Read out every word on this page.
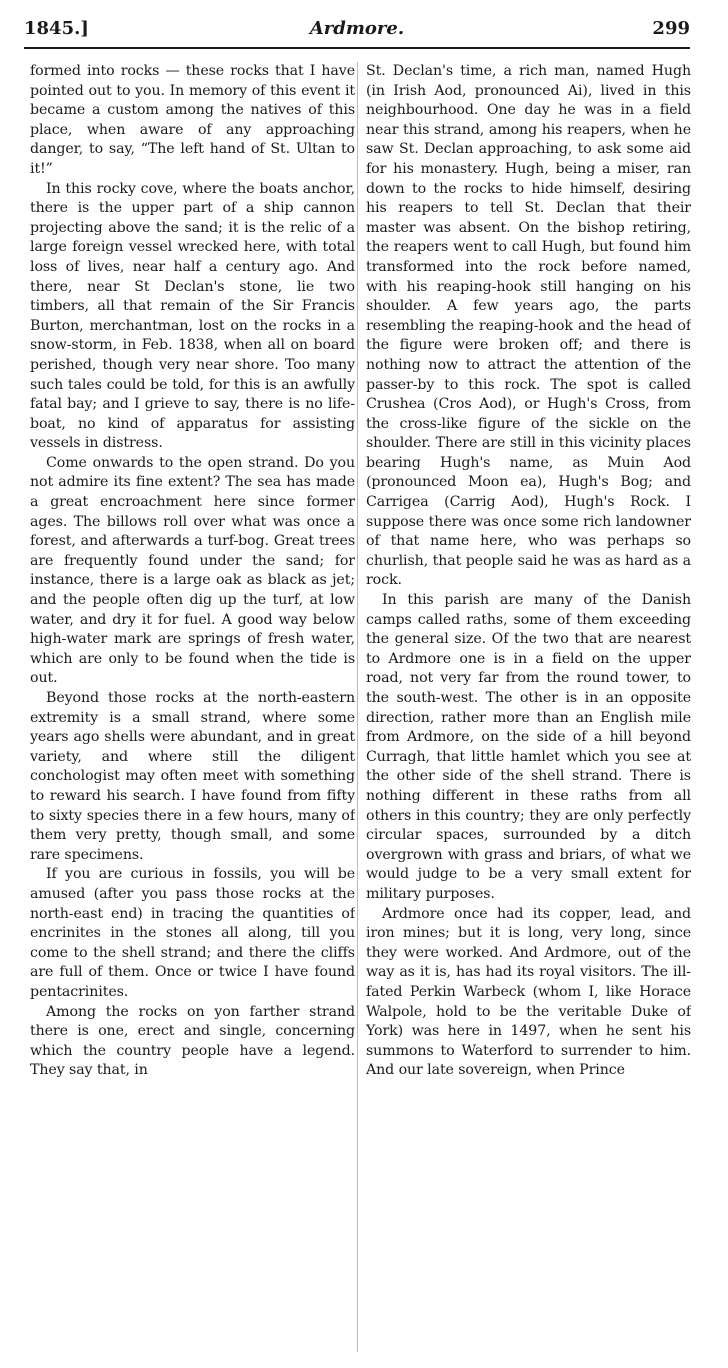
1845.]	Ardmore.	299

formed into rocks — these rocks that I have pointed out to you. In memory of this event it became a custom among the natives of this place, when aware of any approaching danger, to say, “The left hand of St. Ultan to it!”

In this rocky cove, where the boats anchor, there is the upper part of a ship cannon projecting above the sand; it is the relic of a large foreign vessel wrecked here, with total loss of lives, near half a century ago. And there, near St Declan's stone, lie two timbers, all that remain of the Sir Francis Burton, merchantman, lost on the rocks in a snow-storm, in Feb. 1838, when all on board perished, though very near shore. Too many such tales could be told, for this is an awfully fatal bay; and I grieve to say, there is no life-boat, no kind of apparatus for assisting vessels in distress.

Come onwards to the open strand. Do you not admire its fine extent? The sea has made a great encroachment here since former ages. The billows roll over what was once a forest, and afterwards a turf-bog. Great trees are frequently found under the sand; for instance, there is a large oak as black as jet; and the people often dig up the turf, at low water, and dry it for fuel. A good way below high-water mark are springs of fresh water, which are only to be found when the tide is out.

Beyond those rocks at the north-eastern extremity is a small strand, where some years ago shells were abundant, and in great variety, and where still the diligent conchologist may often meet with something to reward his search. I have found from fifty to sixty species there in a few hours, many of them very pretty, though small, and some rare specimens.

If you are curious in fossils, you will be amused (after you pass those rocks at the north-east end) in tracing the quantities of encrinites in the stones all along, till you come to the shell strand; and there the cliffs are full of them. Once or twice I have found pentacrinites.

Among the rocks on yon farther strand there is one, erect and single, concerning which the country people have a legend. They say that, in

St. Declan's time, a rich man, named Hugh (in Irish Aod, pronounced Ai), lived in this neighbourhood. One day he was in a field near this strand, among his reapers, when he saw St. Declan approaching, to ask some aid for his monastery. Hugh, being a miser, ran down to the rocks to hide himself, desiring his reapers to tell St. Declan that their master was absent. On the bishop retiring, the reapers went to call Hugh, but found him transformed into the rock before named, with his reaping-hook still hanging on his shoulder. A few years ago, the parts resembling the reaping-hook and the head of the figure were broken off; and there is nothing now to attract the attention of the passer-by to this rock. The spot is called Crushea (Cros Aod), or Hugh's Cross, from the cross-like figure of the sickle on the shoulder. There are still in this vicinity places bearing Hugh's name, as Muin Aod (pronounced Moon ea), Hugh's Bog; and Carrigea (Carrig Aod), Hugh's Rock. I suppose there was once some rich landowner of that name here, who was perhaps so churlish, that people said he was as hard as a rock.

In this parish are many of the Danish camps called raths, some of them exceeding the general size. Of the two that are nearest to Ardmore one is in a field on the upper road, not very far from the round tower, to the south-west. The other is in an opposite direction, rather more than an English mile from Ardmore, on the side of a hill beyond Curragh, that little hamlet which you see at the other side of the shell strand. There is nothing different in these raths from all others in this country; they are only perfectly circular spaces, surrounded by a ditch overgrown with grass and briars, of what we would judge to be a very small extent for military purposes.

Ardmore once had its copper, lead, and iron mines; but it is long, very long, since they were worked. And Ardmore, out of the way as it is, has had its royal visitors. The ill-fated Perkin Warbeck (whom I, like Horace Walpole, hold to be the veritable Duke of York) was here in 1497, when he sent his summons to Waterford to surrender to him. And our late sovereign, when Prince
